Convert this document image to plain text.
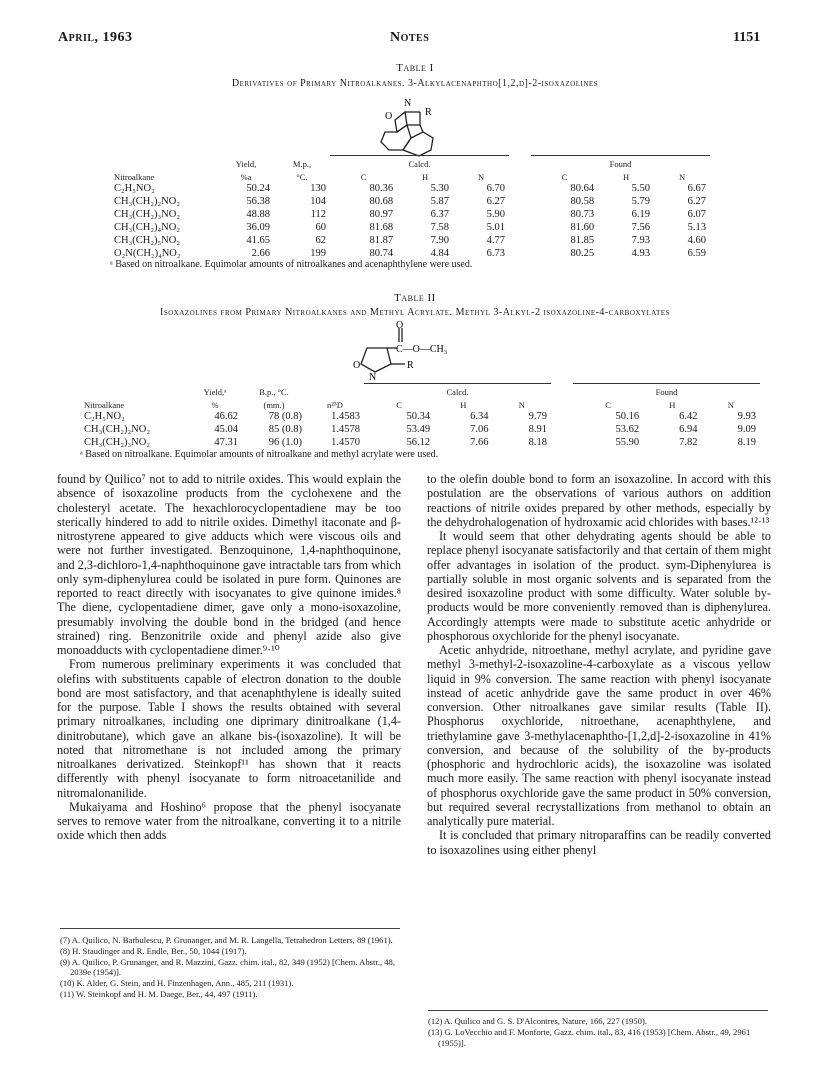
April, 1963	Notes	1151
Table I
Derivatives of Primary Nitroalkanes. 3-Alkylacenaphtho[1,2,d]-2-isoxazolines
N
O	R
	Yield,	M.p.,	Calcd.				Found		
Nitroalkane	%a	°C.	C	H	N		C	H	N
C₂H₅NO₂	50.24	130	80.36	5.30	6.70		80.64	5.50	6.67
CH₃(CH₂)₂NO₂	56.38	104	80.68	5.87	6.27		80.58	5.79	6.27
CH₃(CH₂)₃NO₂	48.88	112	80.97	6.37	5.90		80.73	6.19	6.07
CH₃(CH₂)₄NO₂	36.09	60	81.68	7.58	5.01		81.60	7.56	5.13
CH₃(CH₂)₅NO₂	41.65	62	81.87	7.90	4.77		81.85	7.93	4.60
O₂N(CH₂)₄NO₂	2.66	199	80.74	4.84	6.73		80.25	4.93	6.59
ᵃ Based on nitroalkane. Equimolar amounts of nitroalkanes and acenaphthylene were used.
Table II
Isoxazolines from Primary Nitroalkanes and Methyl Acrylate. Methyl 3-Alkyl-2 isoxazoline-4-carboxylates
O
C—O—CH₃
O
N
R
	Yield,ᵃ	B.p., °C.		Calcd.				Found		
Nitroalkane	%	(mm.)	n²⁵D	C	H	N		C	H	N
C₂H₅NO₂	46.62	78 (0.8)	1.4583	50.34	6.34	9.79		50.16	6.42	9.93
CH₃(CH₂)₂NO₂	45.04	85 (0.8)	1.4578	53.49	7.06	8.91		53.62	6.94	9.09
CH₃(CH₂)₃NO₂	47.31	96 (1.0)	1.4570	56.12	7.66	8.18		55.90	7.82	8.19
ᵃ Based on nitroalkane. Equimolar amounts of nitroalkane and methyl acrylate were used.

found by Quilico⁷ not to add to nitrile oxides. This would explain the absence of isoxazoline products from the cyclohexene and the cholesteryl acetate. The hexachlorocyclopentadiene may be too sterically hindered to add to nitrile oxides. Dimethyl itaconate and β-nitrostyrene appeared to give adducts which were viscous oils and were not further investigated. Benzoquinone, 1,4-naphthoquinone, and 2,3-dichloro-1,4-naphthoquinone gave intractable tars from which only sym-diphenylurea could be isolated in pure form. Quinones are reported to react directly with isocyanates to give quinone imides.⁸ The diene, cyclopentadiene dimer, gave only a mono-isoxazoline, presumably involving the double bond in the bridged (and hence strained) ring. Benzonitrile oxide and phenyl azide also give monoadducts with cyclopentadiene dimer.⁹·¹⁰

From numerous preliminary experiments it was concluded that olefins with substituents capable of electron donation to the double bond are most satisfactory, and that acenaphthylene is ideally suited for the purpose. Table I shows the results obtained with several primary nitroalkanes, including one diprimary dinitroalkane (1,4-dinitrobutane), which gave an alkane bis-(isoxazoline). It will be noted that nitromethane is not included among the primary nitroalkanes derivatized. Steinkopf¹¹ has shown that it reacts differently with phenyl isocyanate to form nitroacetanilide and nitromalonanilide.

Mukaiyama and Hoshino⁶ propose that the phenyl isocyanate serves to remove water from the nitroalkane, converting it to a nitrile oxide which then adds

(7) A. Quilico, N. Barbulescu, P. Grunanger, and M. R. Langella, Tetrahedron Letters, 89 (1961).
(8) H. Staudinger and R. Endle, Ber., 50, 1044 (1917).
(9) A. Quilico, P. Grunanger, and R. Mazzini, Gazz. chim. ital., 82, 349 (1952) [Chem. Abstr., 48, 2039e (1954)].
(10) K. Alder, G. Stein, and H. Finzenhagen, Ann., 485, 211 (1931).
(11) W. Steinkopf and H. M. Daege, Ber., 44, 497 (1911).

to the olefin double bond to form an isoxazoline. In accord with this postulation are the observations of various authors on addition reactions of nitrile oxides prepared by other methods, especially by the dehydrohalogenation of hydroxamic acid chlorides with bases.¹²·¹³

It would seem that other dehydrating agents should be able to replace phenyl isocyanate satisfactorily and that certain of them might offer advantages in isolation of the product. sym-Diphenylurea is partially soluble in most organic solvents and is separated from the desired isoxazoline product with some difficulty. Water soluble by-products would be more conveniently removed than is diphenylurea. Accordingly attempts were made to substitute acetic anhydride or phosphorous oxychloride for the phenyl isocyanate.

Acetic anhydride, nitroethane, methyl acrylate, and pyridine gave methyl 3-methyl-2-isoxazoline-4-carboxylate as a viscous yellow liquid in 9% conversion. The same reaction with phenyl isocyanate instead of acetic anhydride gave the same product in over 46% conversion. Other nitroalkanes gave similar results (Table II). Phosphorus oxychloride, nitroethane, acenaphthylene, and triethylamine gave 3-methylacenaphtho-[1,2,d]-2-isoxazoline in 41% conversion, and because of the solubility of the by-products (phosphoric and hydrochloric acids), the isoxazoline was isolated much more easily. The same reaction with phenyl isocyanate instead of phosphorus oxychloride gave the same product in 50% conversion, but required several recrystallizations from methanol to obtain an analytically pure material.

It is concluded that primary nitroparaffins can be readily converted to isoxazolines using either phenyl

(12) A. Quilico and G. S. D'Alcontres, Nature, 166, 227 (1950).
(13) G. LoVecchio and F. Monforte, Gazz. chim. ital., 83, 416 (1953) [Chem. Abstr., 49, 2961 (1955)].
